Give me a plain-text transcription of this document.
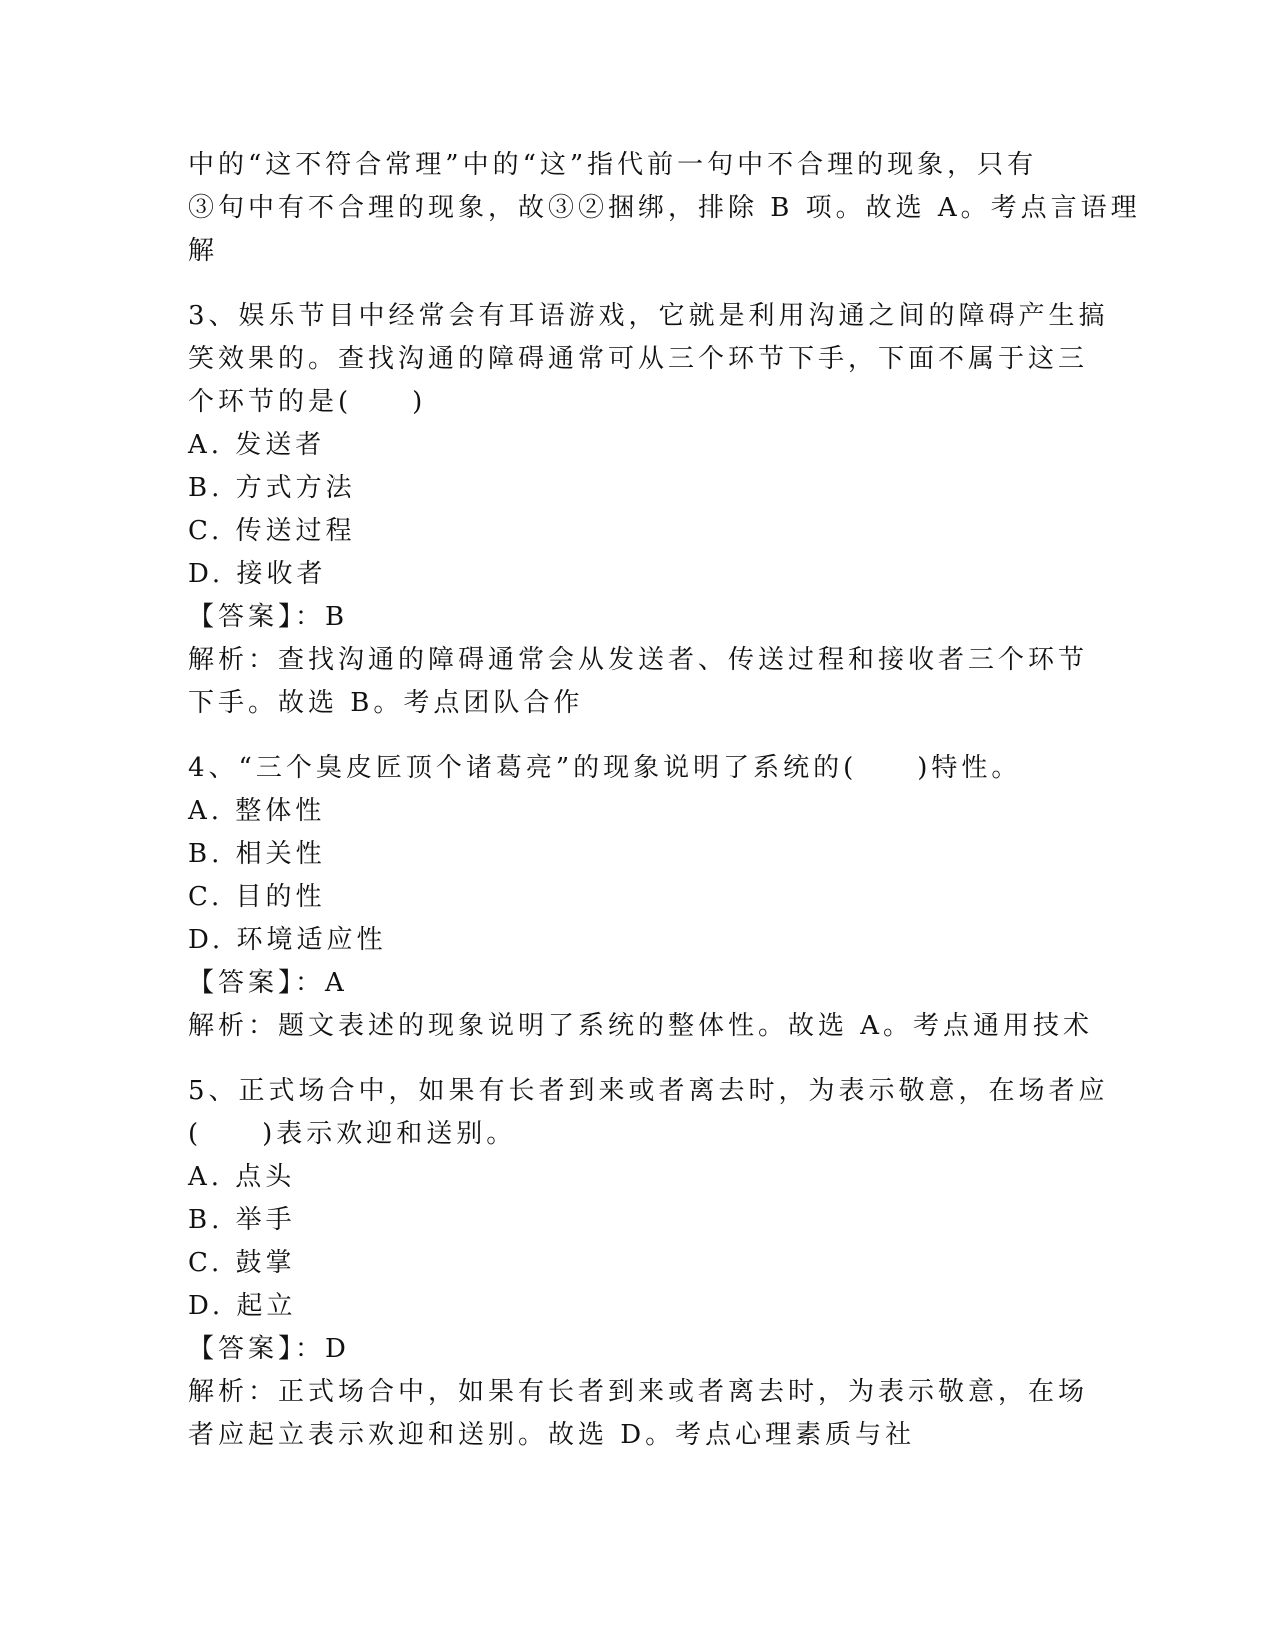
中的“这不符合常理”中的“这”指代前一句中不合理的现象，只有

③句中有不合理的现象，故③②捆绑，排除 B 项。故选 A。考点言语理

解

3、娱乐节目中经常会有耳语游戏，它就是利用沟通之间的障碍产生搞

笑效果的。查找沟通的障碍通常可从三个环节下手，下面不属于这三

个环节的是(　　)

A. 发送者

B. 方式方法

C. 传送过程

D. 接收者

【答案】：B

解析：查找沟通的障碍通常会从发送者、传送过程和接收者三个环节

下手。故选 B。考点团队合作

4、“三个臭皮匠顶个诸葛亮”的现象说明了系统的(　　)特性。

A. 整体性

B. 相关性

C. 目的性

D. 环境适应性

【答案】：A

解析：题文表述的现象说明了系统的整体性。故选 A。考点通用技术

5、正式场合中，如果有长者到来或者离去时，为表示敬意，在场者应

(　　)表示欢迎和送别。

A. 点头

B. 举手

C. 鼓掌

D. 起立

【答案】：D

解析：正式场合中，如果有长者到来或者离去时，为表示敬意，在场

者应起立表示欢迎和送别。故选 D。考点心理素质与社
